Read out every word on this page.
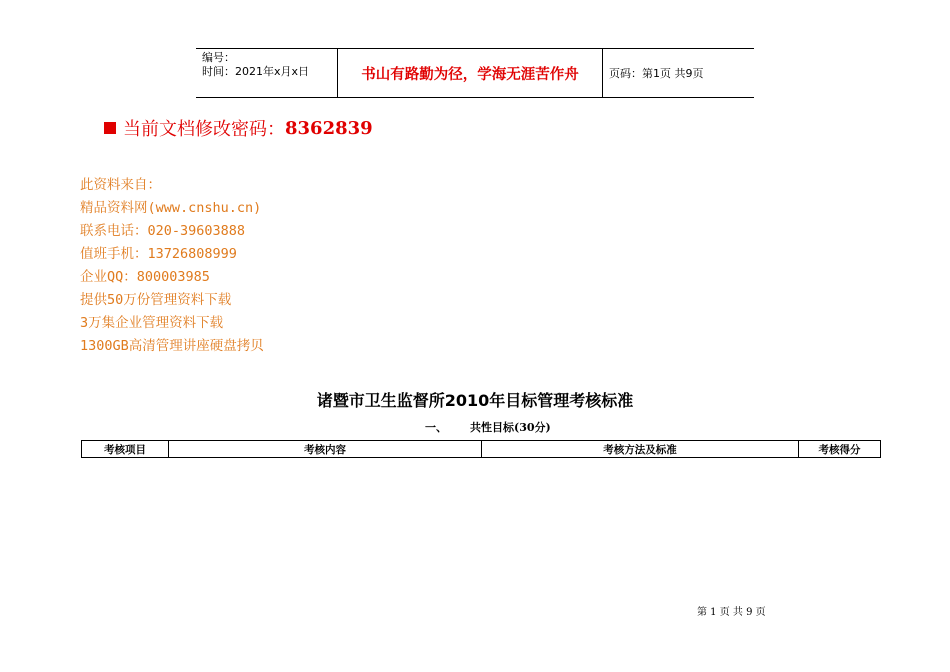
编号：
时间：2021年x月x日	书山有路勤为径，学海无涯苦作舟	页码：第1页 共9页
当前文档修改密码： 8362839
此资料来自：
精品资料网(www.cnshu.cn)
联系电话：020-39603888
值班手机：13726808999
企业QQ：800003985
提供50万份管理资料下载
3万集企业管理资料下载
1300GB高清管理讲座硬盘拷贝
诸暨市卫生监督所2010年目标管理考核标准
一、	共性目标(30分)
考核项目	考核内容	考核方法及标准	考核得分
第 1 页 共 9 页
